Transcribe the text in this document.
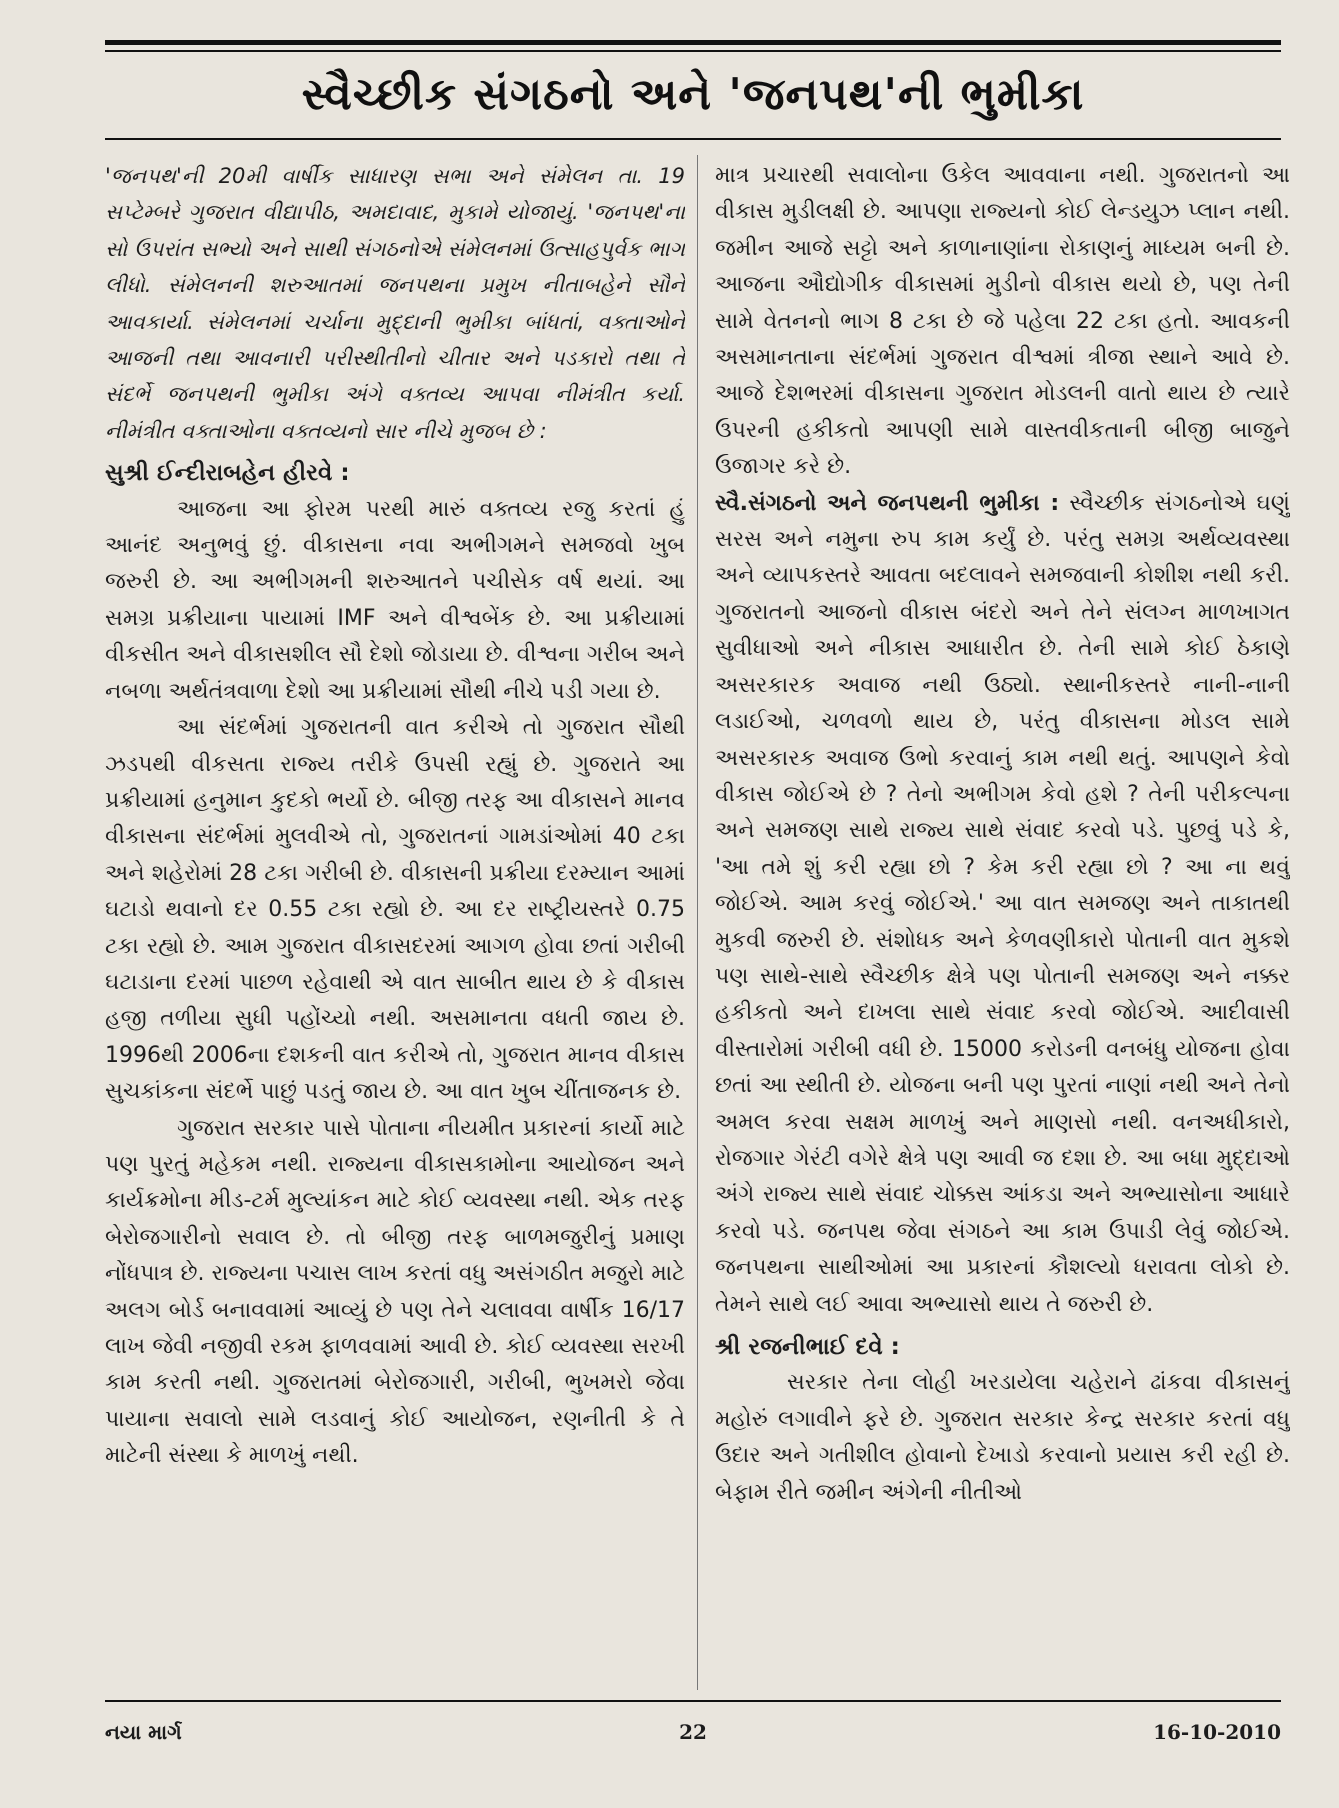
સ્વૈચ્છીક સંગઠનો અને 'જનપથ'ની ભુમીકા

'જનપથ'ની 20મી વાર્ષીક સાધારણ સભા અને સંમેલન તા. 19 સપ્ટેમ્બરે ગુજરાત વીદ્યાપીઠ, અમદાવાદ, મુકામે યોજાયું. 'જનપથ'ના સો ઉપરાંત સભ્યો અને સાથી સંગઠનોએ સંમેલનમાં ઉત્સાહપુર્વક ભાગ લીધો. સંમેલનની શરુઆતમાં જનપથના પ્રમુખ નીતાબહેને સૌને આવકાર્યા. સંમેલનમાં ચર્ચાના મુદ્દાની ભુમીકા બાંધતાં, વક્તાઓને આજની તથા આવનારી પરીસ્થીતીનો ચીતાર અને પડકારો તથા તે સંદર્ભે જનપથની ભુમીકા અંગે વક્તવ્ય આપવા નીમંત્રીત કર્યા. નીમંત્રીત વક્તાઓના વક્તવ્યનો સાર નીચે મુજબ છે :

સુશ્રી ઈન્દીરાબહેન હીરવે :

આજના આ ફોરમ પરથી મારું વક્તવ્ય રજુ કરતાં હું આનંદ અનુભવું છું. વીકાસના નવા અભીગમને સમજવો ખુબ જરુરી છે. આ અભીગમની શરુઆતને પચીસેક વર્ષ થયાં. આ સમગ્ર પ્રક્રીયાના પાયામાં IMF અને વીશ્વબેંક છે. આ પ્રક્રીયામાં વીકસીત અને વીકાસશીલ સૌ દેશો જોડાયા છે. વીશ્વના ગરીબ અને નબળા અર્થતંત્રવાળા દેશો આ પ્રક્રીયામાં સૌથી નીચે પડી ગયા છે.

આ સંદર્ભમાં ગુજરાતની વાત કરીએ તો ગુજરાત સૌથી ઝડપથી વીકસતા રાજ્ય તરીકે ઉપસી રહ્યું છે. ગુજરાતે આ પ્રક્રીયામાં હનુમાન કુદકો ભર્યો છે. બીજી તરફ આ વીકાસને માનવ વીકાસના સંદર્ભમાં મુલવીએ તો, ગુજરાતનાં ગામડાંઓમાં 40 ટકા અને શહેરોમાં 28 ટકા ગરીબી છે. વીકાસની પ્રક્રીયા દરમ્યાન આમાં ઘટાડો થવાનો દર 0.55 ટકા રહ્યો છે. આ દર રાષ્ટ્રીયસ્તરે 0.75 ટકા રહ્યો છે. આમ ગુજરાત વીકાસદરમાં આગળ હોવા છતાં ગરીબી ઘટાડાના દરમાં પાછળ રહેવાથી એ વાત સાબીત થાય છે કે વીકાસ હજી તળીયા સુધી પહોંચ્યો નથી. અસમાનતા વધતી જાય છે. 1996થી 2006ના દશકની વાત કરીએ તો, ગુજરાત માનવ વીકાસ સુચકાંકના સંદર્ભે પાછું પડતું જાય છે. આ વાત ખુબ ચીંતાજનક છે.

ગુજરાત સરકાર પાસે પોતાના નીયમીત પ્રકારનાં કાર્યો માટે પણ પુરતું મહેકમ નથી. રાજ્યના વીકાસકામોના આયોજન અને કાર્યક્રમોના મીડ-ટર્મ મુલ્યાંકન માટે કોઈ વ્યવસ્થા નથી. એક તરફ બેરોજગારીનો સવાલ છે. તો બીજી તરફ બાળમજુરીનું પ્રમાણ નોંધપાત્ર છે. રાજ્યના પચાસ લાખ કરતાં વધુ અસંગઠીત મજુરો માટે અલગ બોર્ડ બનાવવામાં આવ્યું છે પણ તેને ચલાવવા વાર્ષીક 16/17 લાખ જેવી નજીવી રકમ ફાળવવામાં આવી છે. કોઈ વ્યવસ્થા સરખી કામ કરતી નથી. ગુજરાતમાં બેરોજગારી, ગરીબી, ભુખમરો જેવા પાયાના સવાલો સામે લડવાનું કોઈ આયોજન, રણનીતી કે તે માટેની સંસ્થા કે માળખું નથી.

માત્ર પ્રચારથી સવાલોના ઉકેલ આવવાના નથી. ગુજરાતનો આ વીકાસ મુડીલક્ષી છે. આપણા રાજ્યનો કોઈ લેન્ડયુઝ પ્લાન નથી. જમીન આજે સટ્ટો અને કાળાનાણાંના રોકાણનું માધ્યમ બની છે. આજના ઔદ્યોગીક વીકાસમાં મુડીનો વીકાસ થયો છે, પણ તેની સામે વેતનનો ભાગ 8 ટકા છે જે પહેલા 22 ટકા હતો. આવકની અસમાનતાના સંદર્ભમાં ગુજરાત વીશ્વમાં ત્રીજા સ્થાને આવે છે. આજે દેશભરમાં વીકાસના ગુજરાત મોડલની વાતો થાય છે ત્યારે ઉપરની હકીકતો આપણી સામે વાસ્તવીકતાની બીજી બાજુને ઉજાગર કરે છે.

સ્વૈ.સંગઠનો અને જનપથની ભુમીકા : સ્વૈચ્છીક સંગઠનોએ ઘણું સરસ અને નમુના રુપ કામ કર્યું છે. પરંતુ સમગ્ર અર્થવ્યવસ્થા અને વ્યાપકસ્તરે આવતા બદલાવને સમજવાની કોશીશ નથી કરી. ગુજરાતનો આજનો વીકાસ બંદરો અને તેને સંલગ્ન માળખાગત સુવીધાઓ અને નીકાસ આધારીત છે. તેની સામે કોઈ ઠેકાણે અસરકારક અવાજ નથી ઉઠ્યો. સ્થાનીકસ્તરે નાની-નાની લડાઈઓ, ચળવળો થાય છે, પરંતુ વીકાસના મોડલ સામે અસરકારક અવાજ ઉભો કરવાનું કામ નથી થતું. આપણને કેવો વીકાસ જોઈએ છે ? તેનો અભીગમ કેવો હશે ? તેની પરીકલ્પના અને સમજણ સાથે રાજ્ય સાથે સંવાદ કરવો પડે. પુછવું પડે કે, 'આ તમે શું કરી રહ્યા છો ? કેમ કરી રહ્યા છો ? આ ના થવું જોઈએ. આમ કરવું જોઈએ.' આ વાત સમજણ અને તાકાતથી મુકવી જરુરી છે. સંશોધક અને કેળવણીકારો પોતાની વાત મુકશે પણ સાથે-સાથે સ્વૈચ્છીક ક્ષેત્રે પણ પોતાની સમજણ અને નક્કર હકીકતો અને દાખલા સાથે સંવાદ કરવો જોઈએ. આદીવાસી વીસ્તારોમાં ગરીબી વધી છે. 15000 કરોડની વનબંધુ યોજના હોવા છતાં આ સ્થીતી છે. યોજના બની પણ પુરતાં નાણાં નથી અને તેનો અમલ કરવા સક્ષમ માળખું અને માણસો નથી. વનઅધીકારો, રોજગાર ગેરંટી વગેરે ક્ષેત્રે પણ આવી જ દશા છે. આ બધા મુદ્દાઓ અંગે રાજ્ય સાથે સંવાદ ચોક્કસ આંકડા અને અભ્યાસોના આધારે કરવો પડે. જનપથ જેવા સંગઠને આ કામ ઉપાડી લેવું જોઈએ. જનપથના સાથીઓમાં આ પ્રકારનાં કૌશલ્યો ધરાવતા લોકો છે. તેમને સાથે લઈ આવા અભ્યાસો થાય તે જરુરી છે.

શ્રી રજનીભાઈ દવે :

સરકાર તેના લોહી ખરડાયેલા ચહેરાને ઢાંકવા વીકાસનું મહોરું લગાવીને ફરે છે. ગુજરાત સરકાર કેન્દ્ર સરકાર કરતાં વધુ ઉદાર અને ગતીશીલ હોવાનો દેખાડો કરવાનો પ્રયાસ કરી રહી છે. બેફામ રીતે જમીન અંગેની નીતીઓ

નયા માર્ગ	22	16-10-2010
